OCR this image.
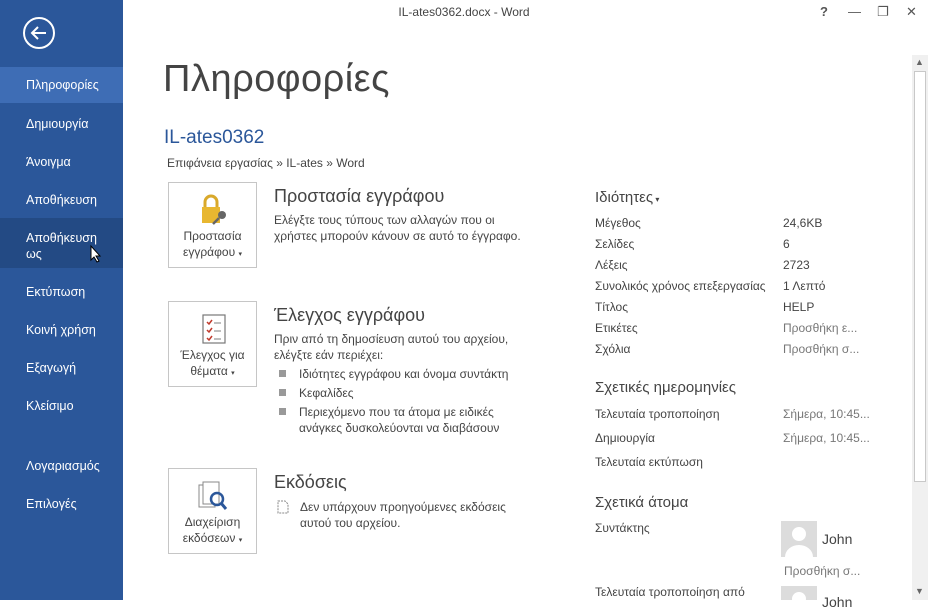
Πληροφορίες
Δημιουργία
Άνοιγμα
Αποθήκευση
Αποθήκευση ως
Εκτύπωση
Κοινή χρήση
Εξαγωγή
Κλείσιμο
Λογαριασμός
Επιλογές
IL-ates0362.docx - Word	? — ❐ ✕
Πληροφορίες
IL-ates0362
Επιφάνεια εργασίας » IL-ates » Word
Προστασία
εγγράφου ▾
Προστασία εγγράφου
Ελέγξτε τους τύπους των αλλαγών που οι χρήστες μπορούν κάνουν σε αυτό το έγγραφο.
Έλεγχος για
θέματα ▾
Έλεγχος εγγράφου
Πριν από τη δημοσίευση αυτού του αρχείου, ελέγξτε εάν περιέχει:
Ιδιότητες εγγράφου και όνομα συντάκτη
Κεφαλίδες
Περιεχόμενο που τα άτομα με ειδικές ανάγκες δυσκολεύονται να διαβάσουν
Διαχείριση
εκδόσεων ▾
Εκδόσεις
Δεν υπάρχουν προηγούμενες εκδόσεις αυτού του αρχείου.
Ιδιότητες ▾
Μέγεθος	24,6KB
Σελίδες	6
Λέξεις	2723
Συνολικός χρόνος επεξεργασίας 1 Λεπτό
Τίτλος	HELP
Ετικέτες	Προσθήκη ε...
Σχόλια	Προσθήκη σ...
Σχετικές ημερομηνίες
Τελευταία τροποποίηση	Σήμερα, 10:45...
Δημιουργία	Σήμερα, 10:45...
Τελευταία εκτύπωση
Σχετικά άτομα
Συντάκτης
John
Προσθήκη σ...
Τελευταία τροποποίηση από
John
▲
▼
